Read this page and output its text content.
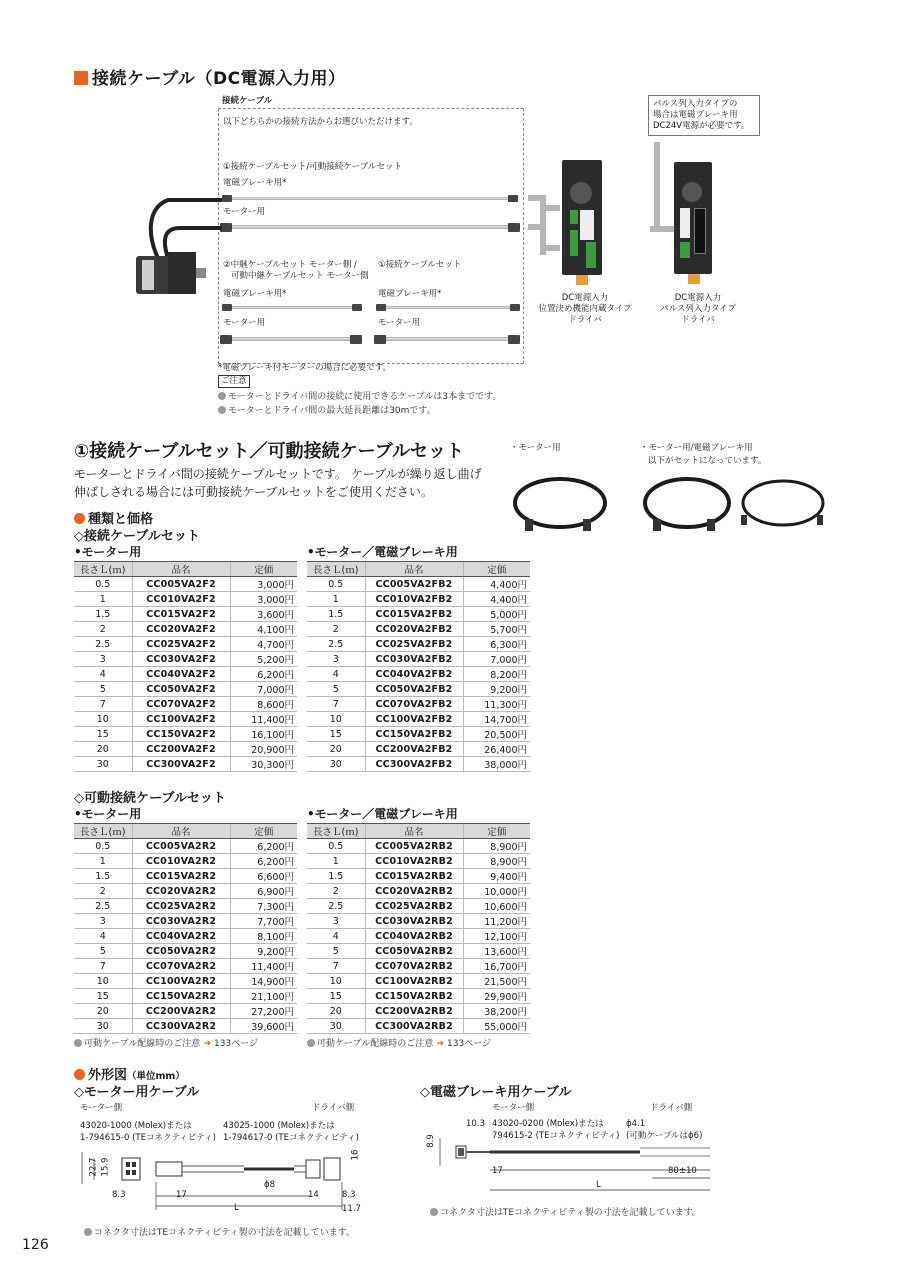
接続ケーブル（DC電源入力用）
接続ケーブル
以下どちらかの接続方法からお選びいただけます。
①接続ケーブルセット/可動接続ケーブルセット
電磁ブレーキ用*
モーター用
②中継ケーブルセット モーター側 /
可動中継ケーブルセット モーター側
①接続ケーブルセット
電磁ブレーキ用*	電磁ブレーキ用*
モーター用	モーター用
DC電源入力
位置決め機能内蔵タイプ
ドライバ
DC電源入力
パルス列入力タイプ
ドライバ
パルス列入力タイプの
場合は電磁ブレーキ用
DC24V電源が必要です。
*電磁ブレーキ付モーターの場合に必要です。
ご注意
モーターとドライバ間の接続に使用できるケーブルは3本までです。
モーターとドライバ間の最大延長距離は30mです。
①接続ケーブルセット／可動接続ケーブルセット
モーターとドライバ間の接続ケーブルセットです。 ケーブルが繰り返し曲げ
伸ばしされる場合には可動接続ケーブルセットをご使用ください。
・モーター用	・モーター用/電磁ブレーキ用
以下がセットになっています。
種類と価格
◇接続ケーブルセット
•モーター用	•モーター／電磁ブレーキ用
長さＬ(ｍ)	品名	定価
0.5	CC005VA2F2	3,000円
1	CC010VA2F2	3,000円
1.5	CC015VA2F2	3,600円
2	CC020VA2F2	4,100円
2.5	CC025VA2F2	4,700円
3	CC030VA2F2	5,200円
4	CC040VA2F2	6,200円
5	CC050VA2F2	7,000円
7	CC070VA2F2	8,600円
10	CC100VA2F2	11,400円
15	CC150VA2F2	16,100円
20	CC200VA2F2	20,900円
30	CC300VA2F2	30,300円
長さＬ(ｍ)	品名	定価
0.5	CC005VA2FB2	4,400円
1	CC010VA2FB2	4,400円
1.5	CC015VA2FB2	5,000円
2	CC020VA2FB2	5,700円
2.5	CC025VA2FB2	6,300円
3	CC030VA2FB2	7,000円
4	CC040VA2FB2	8,200円
5	CC050VA2FB2	9,200円
7	CC070VA2FB2	11,300円
10	CC100VA2FB2	14,700円
15	CC150VA2FB2	20,500円
20	CC200VA2FB2	26,400円
30	CC300VA2FB2	38,000円
◇可動接続ケーブルセット
•モーター用	•モーター／電磁ブレーキ用
長さＬ(ｍ)	品名	定価
0.5	CC005VA2R2	6,200円
1	CC010VA2R2	6,200円
1.5	CC015VA2R2	6,600円
2	CC020VA2R2	6,900円
2.5	CC025VA2R2	7,300円
3	CC030VA2R2	7,700円
4	CC040VA2R2	8,100円
5	CC050VA2R2	9,200円
7	CC070VA2R2	11,400円
10	CC100VA2R2	14,900円
15	CC150VA2R2	21,100円
20	CC200VA2R2	27,200円
30	CC300VA2R2	39,600円
長さＬ(ｍ)	品名	定価
0.5	CC005VA2RB2	8,900円
1	CC010VA2RB2	8,900円
1.5	CC015VA2RB2	9,400円
2	CC020VA2RB2	10,000円
2.5	CC025VA2RB2	10,600円
3	CC030VA2RB2	11,200円
4	CC040VA2RB2	12,100円
5	CC050VA2RB2	13,600円
7	CC070VA2RB2	16,700円
10	CC100VA2RB2	21,500円
15	CC150VA2RB2	29,900円
20	CC200VA2RB2	38,200円
30	CC300VA2RB2	55,000円
可動ケーブル配線時のご注意 ➜ 133ページ	可動ケーブル配線時のご注意 ➜ 133ページ
外形図（単位mm）
◇モーター用ケーブル	◇電磁ブレーキ用ケーブル
モーター側	ドライバ側
43020-1000 (Molex)または
1-794615-0 (TEコネクティビティ)
43025-1000 (Molex)または
1-794617-0 (TEコネクティビティ)
22.7 15.9
8.3	17
ϕ8
14	8.3
11.7
16
L
コネクタ寸法はTEコネクティビティ製の寸法を記載しています。
モーター側	ドライバ側
43020-0200 (Molex)または
794615-2 (TEコネクティビティ)
ϕ4.1
(可動ケーブルはϕ6)
8.9
10.3
17	80±10
L
コネクタ寸法はTEコネクティビティ製の寸法を記載しています。
126
